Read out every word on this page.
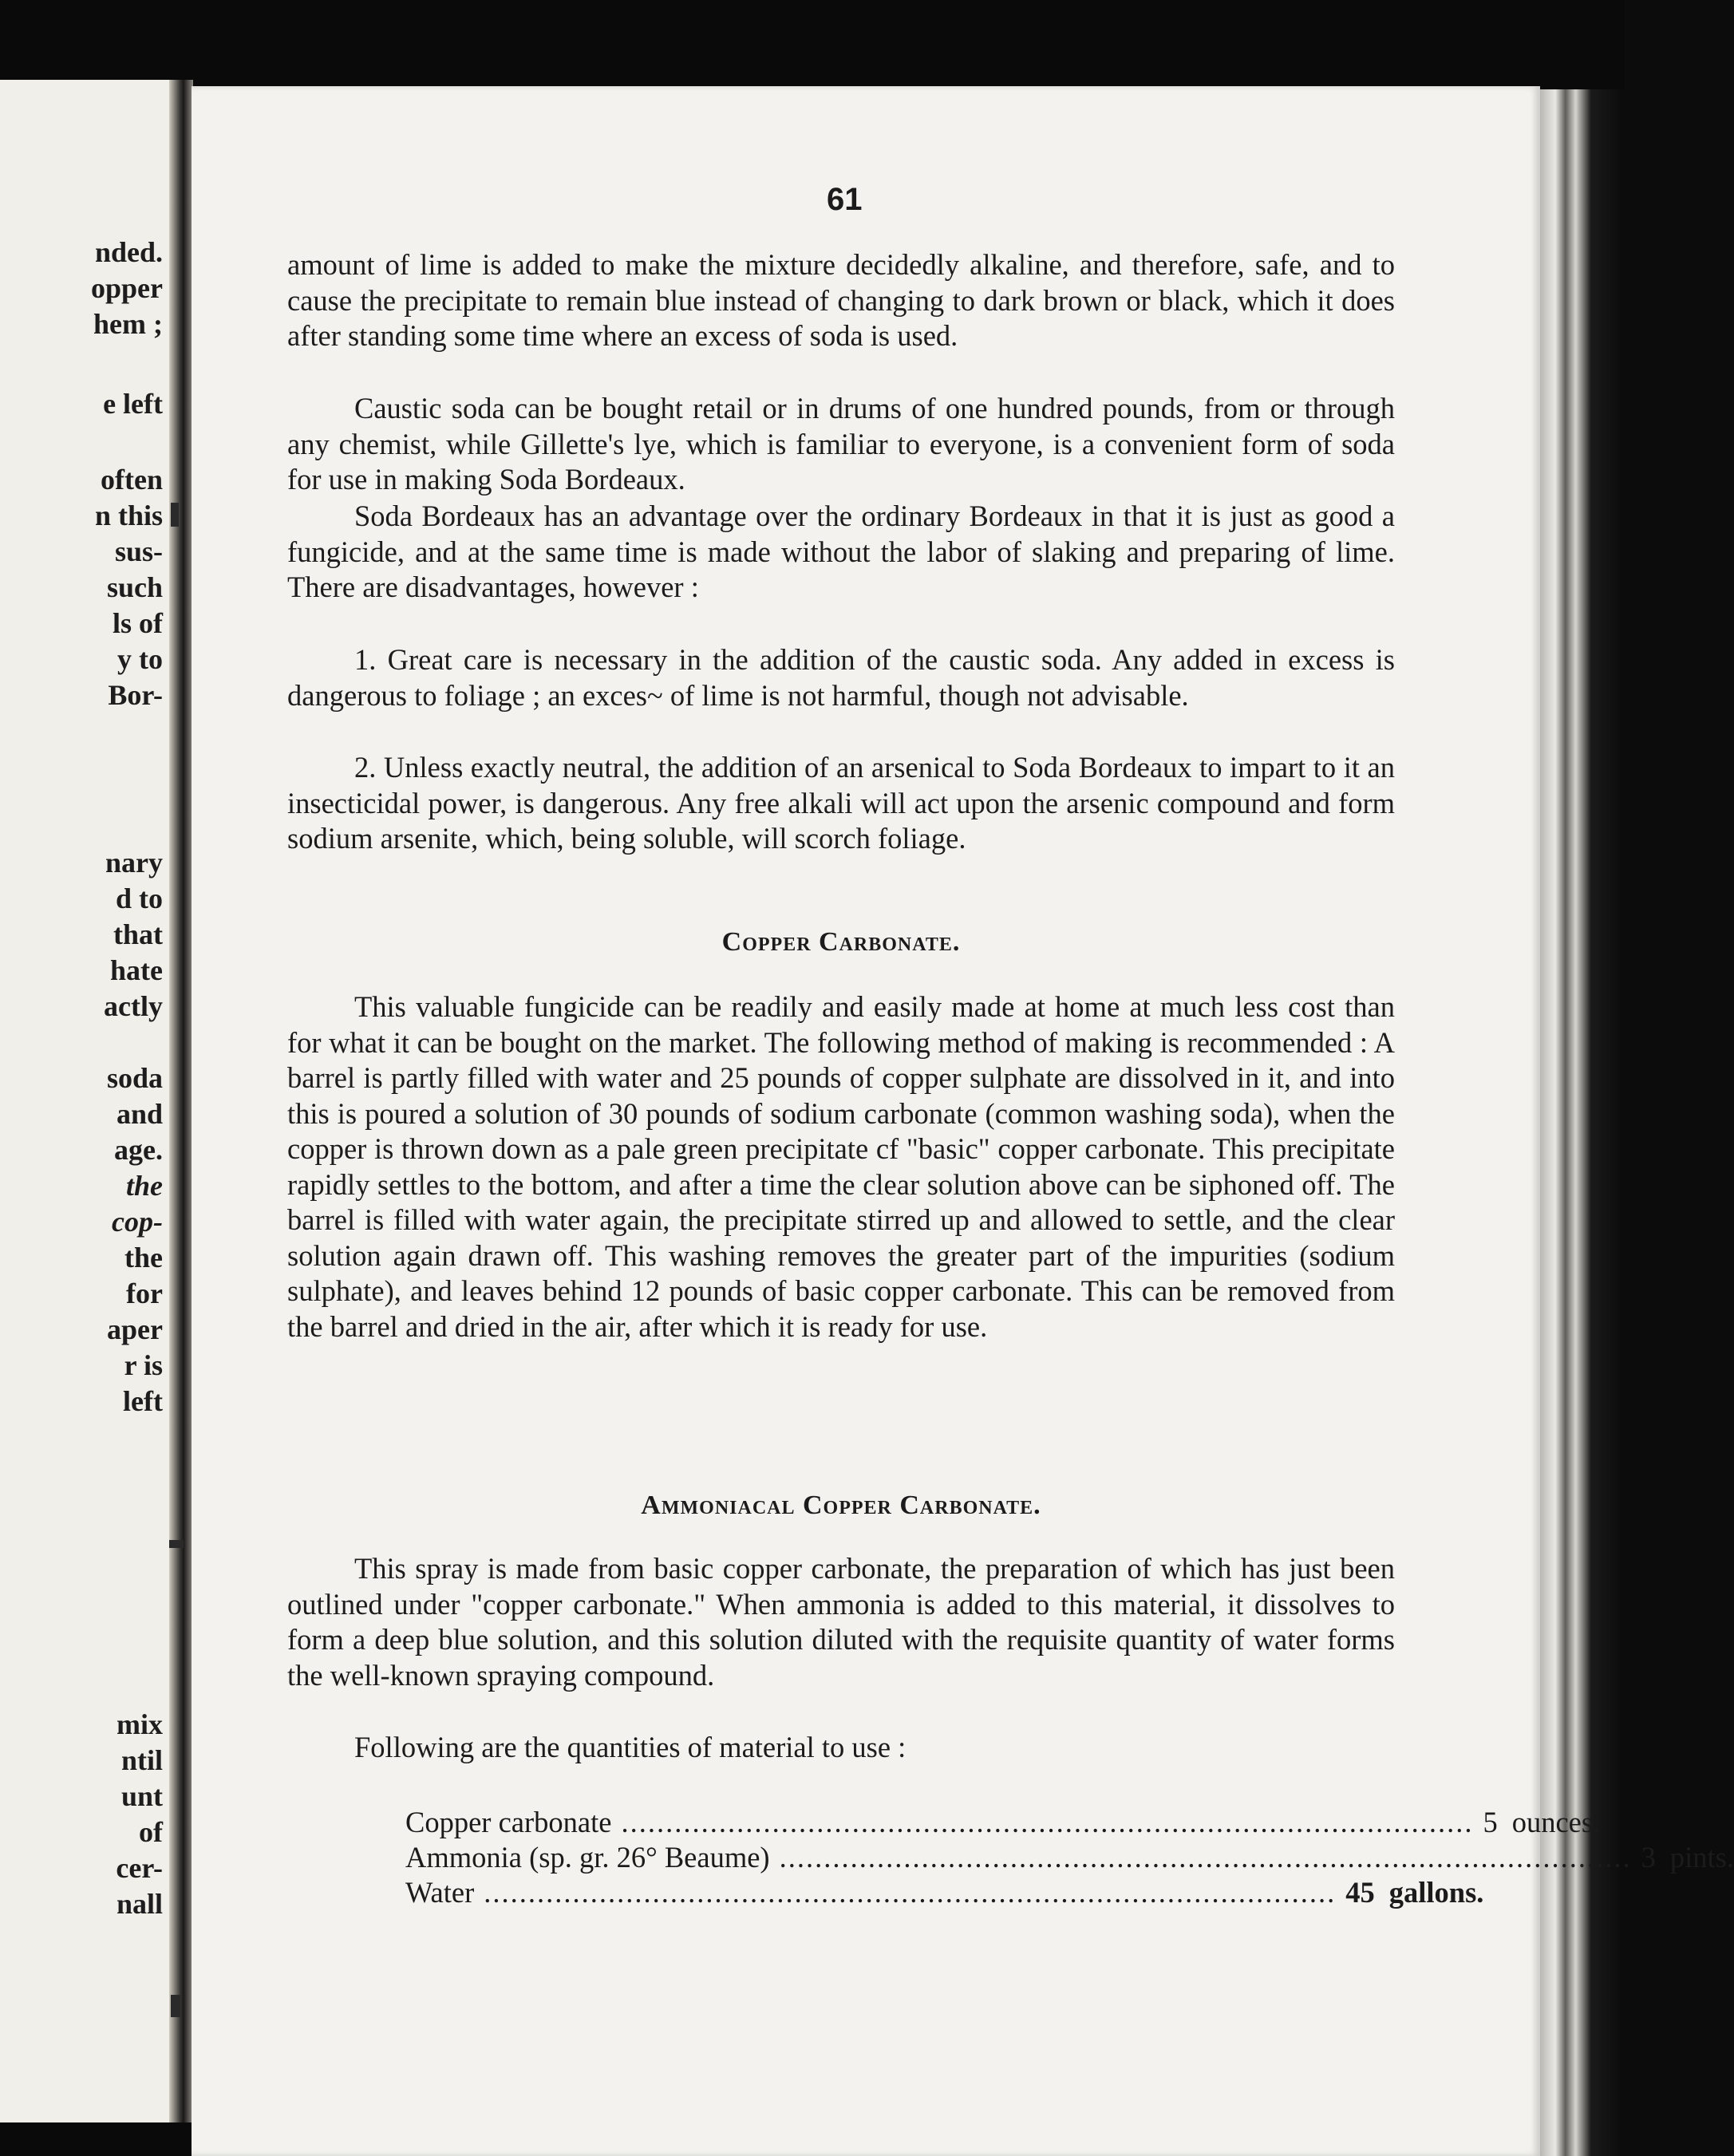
nded.
opper
hem ;
e left
often
n this
sus-
such
ls of
y to
Bor-
nary
d to
that
hate
actly
soda
and
age.
the
cop-
the
for
aper
r is
left
mix
ntil
unt
of
cer-
nall
61
amount of lime is added to make the mixture decidedly alkaline, and therefore, safe, and to cause the precipitate to remain blue instead of changing to dark brown or black, which it does after standing some time where an excess of soda is used.
Caustic soda can be bought retail or in drums of one hundred pounds, from or through any chemist, while Gillette's lye, which is familiar to everyone, is a convenient form of soda for use in making Soda Bordeaux.
Soda Bordeaux has an advantage over the ordinary Bordeaux in that it is just as good a fungicide, and at the same time is made without the labor of slaking and preparing of lime. There are disadvantages, however :
1. Great care is necessary in the addition of the caustic soda. Any added in excess is dangerous to foliage ; an exces~ of lime is not harmful, though not advisable.
2. Unless exactly neutral, the addition of an arsenical to Soda Bordeaux to impart to it an insecticidal power, is dangerous. Any free alkali will act upon the arsenic compound and form sodium arsenite, which, being soluble, will scorch foliage.
Copper Carbonate.
This valuable fungicide can be readily and easily made at home at much less cost than for what it can be bought on the market. The following method of making is recommended : A barrel is partly filled with water and 25 pounds of copper sulphate are dissolved in it, and into this is poured a solution of 30 pounds of sodium carbonate (common washing soda), when the copper is thrown down as a pale green precipitate cf "basic" copper carbonate. This precipitate rapidly settles to the bottom, and after a time the clear solution above can be siphoned off. The barrel is filled with water again, the precipitate stirred up and allowed to settle, and the clear solution again drawn off. This washing removes the greater part of the impurities (sodium sulphate), and leaves behind 12 pounds of basic copper carbonate. This can be removed from the barrel and dried in the air, after which it is ready for use.
Ammoniacal Copper Carbonate.
This spray is made from basic copper carbonate, the preparation of which has just been outlined under "copper carbonate." When ammonia is added to this material, it dissolves to form a deep blue solution, and this solution diluted with the requisite quantity of water forms the well-known spraying compound.
Following are the quantities of material to use :
Copper carbonate ................................................................................................ 5 ounces.
Ammonia (sp. gr. 26° Beaume) ................................................................................................ 3 pints.
Water ................................................................................................ 45 gallons.
